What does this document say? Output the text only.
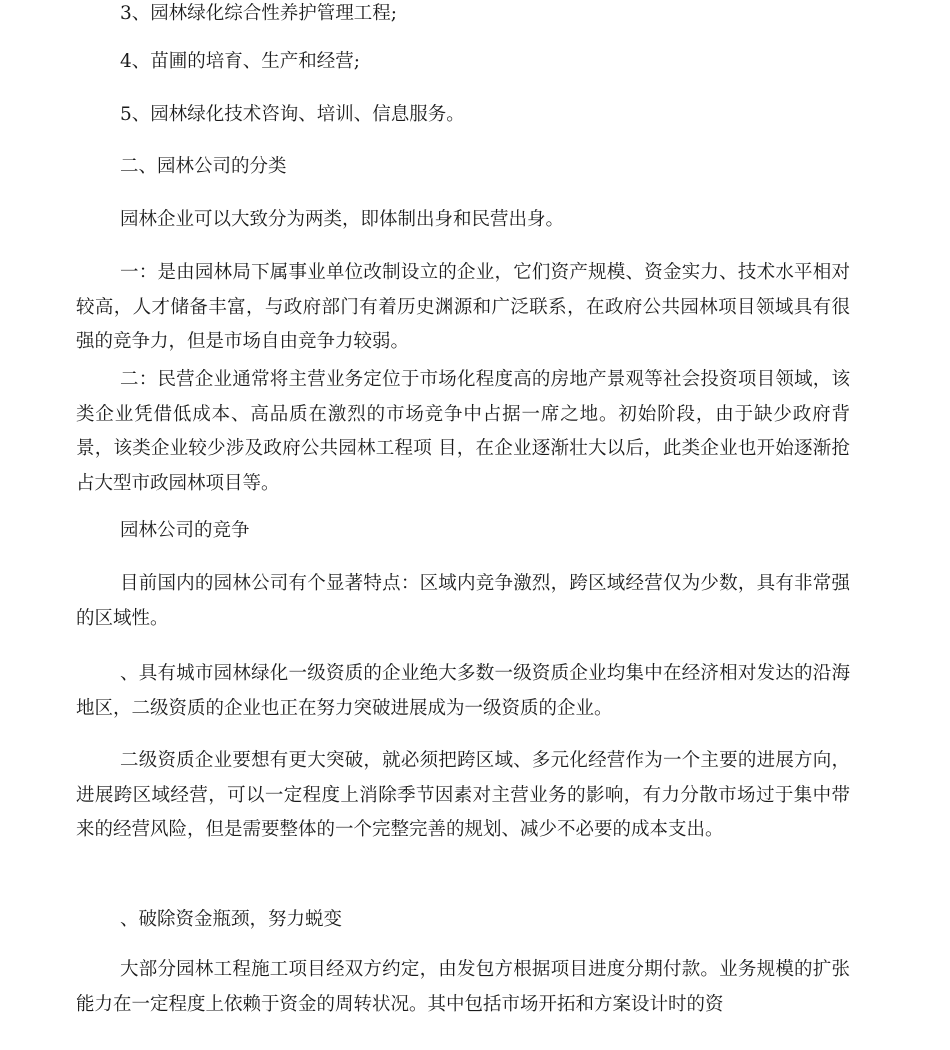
3、园林绿化综合性养护管理工程;
4、苗圃的培育、生产和经营;
5、园林绿化技术咨询、培训、信息服务。
二、园林公司的分类
园林企业可以大致分为两类，即体制出身和民营出身。
一：是由园林局下属事业单位改制设立的企业，它们资产规模、资金实力、技术水平相对较高，人才储备丰富，与政府部门有着历史渊源和广泛联系，在政府公共园林项目领域具有很强的竞争力，但是市场自由竞争力较弱。
二：民营企业通常将主营业务定位于市场化程度高的房地产景观等社会投资项目领域，该类企业凭借低成本、高品质在激烈的市场竞争中占据一席之地。初始阶段，由于缺少政府背景，该类企业较少涉及政府公共园林工程项 目，在企业逐渐壮大以后，此类企业也开始逐渐抢占大型市政园林项目等。
园林公司的竞争
目前国内的园林公司有个显著特点：区域内竞争激烈，跨区域经营仅为少数，具有非常强的区域性。
、具有城市园林绿化一级资质的企业绝大多数一级资质企业均集中在经济相对发达的沿海地区，二级资质的企业也正在努力突破进展成为一级资质的企业。
二级资质企业要想有更大突破，就必须把跨区域、多元化经营作为一个主要的进展方向，进展跨区域经营，可以一定程度上消除季节因素对主营业务的影响，有力分散市场过于集中带来的经营风险，但是需要整体的一个完整完善的规划、减少不必要的成本支出。
、破除资金瓶颈，努力蜕变
大部分园林工程施工项目经双方约定，由发包方根据项目进度分期付款。业务规模的扩张能力在一定程度上依赖于资金的周转状况。其中包括市场开拓和方案设计时的资
